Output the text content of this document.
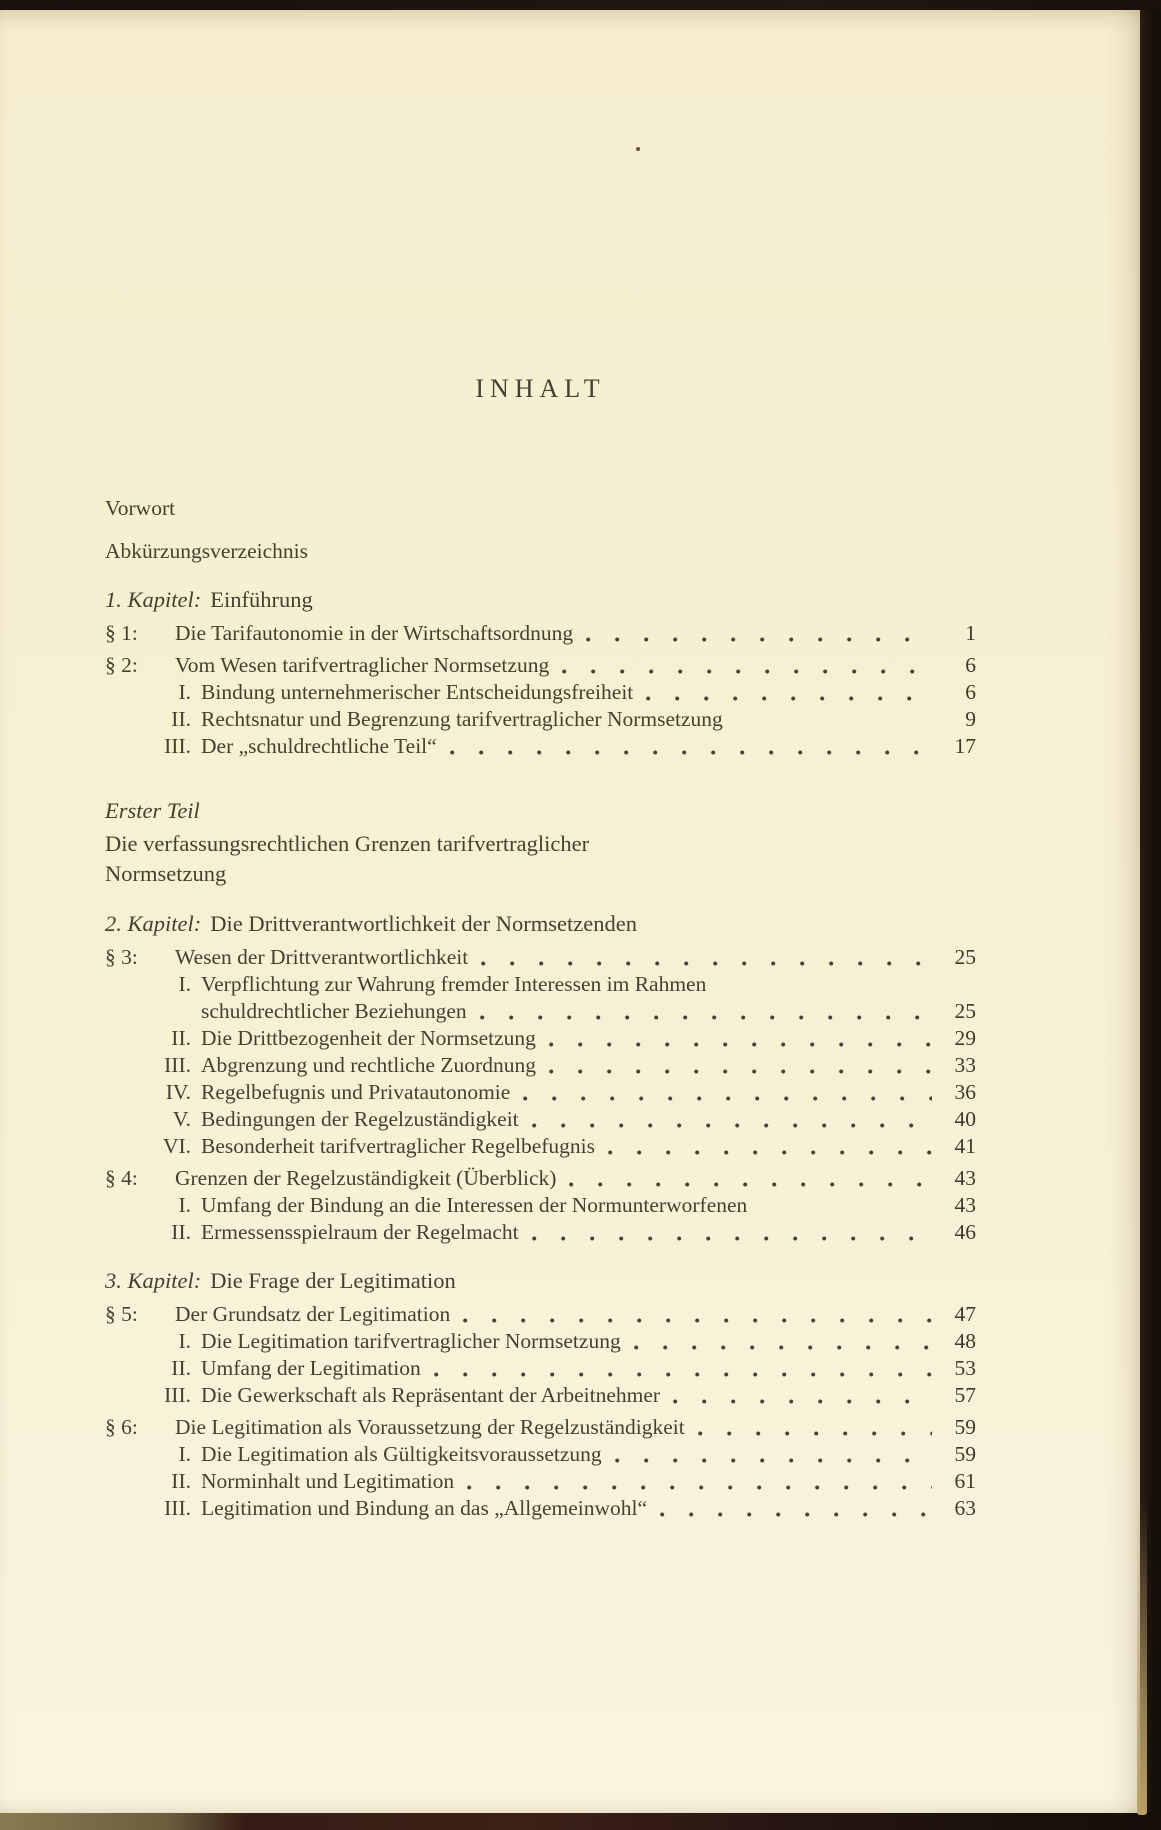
INHALT
Vorwort
Abkürzungsverzeichnis
1. Kapitel: Einführung
§ 1:	Die Tarifautonomie in der Wirtschaftsordnung	1
§ 2:	Vom Wesen tarifvertraglicher Normsetzung	6
I. Bindung unternehmerischer Entscheidungsfreiheit	6
II. Rechtsnatur und Begrenzung tarifvertraglicher Normsetzung	9
III. Der „schuldrechtliche Teil“	17
Erster Teil
Die verfassungsrechtlichen Grenzen tarifvertraglicher
Normsetzung
2. Kapitel: Die Drittverantwortlichkeit der Normsetzenden
§ 3:	Wesen der Drittverantwortlichkeit	25
I. Verpflichtung zur Wahrung fremder Interessen im Rahmen
schuldrechtlicher Beziehungen	25
II. Die Drittbezogenheit der Normsetzung	29
III. Abgrenzung und rechtliche Zuordnung	33
IV. Regelbefugnis und Privatautonomie	36
V. Bedingungen der Regelzuständigkeit	40
VI. Besonderheit tarifvertraglicher Regelbefugnis	41
§ 4:	Grenzen der Regelzuständigkeit (Überblick)	43
I. Umfang der Bindung an die Interessen der Normunterworfenen	43
II. Ermessensspielraum der Regelmacht	46
3. Kapitel: Die Frage der Legitimation
§ 5:	Der Grundsatz der Legitimation	47
I. Die Legitimation tarifvertraglicher Normsetzung	48
II. Umfang der Legitimation	53
III. Die Gewerkschaft als Repräsentant der Arbeitnehmer	57
§ 6:	Die Legitimation als Voraussetzung der Regelzuständigkeit	59
I. Die Legitimation als Gültigkeitsvoraussetzung	59
II. Norminhalt und Legitimation	61
III. Legitimation und Bindung an das „Allgemeinwohl“	63
